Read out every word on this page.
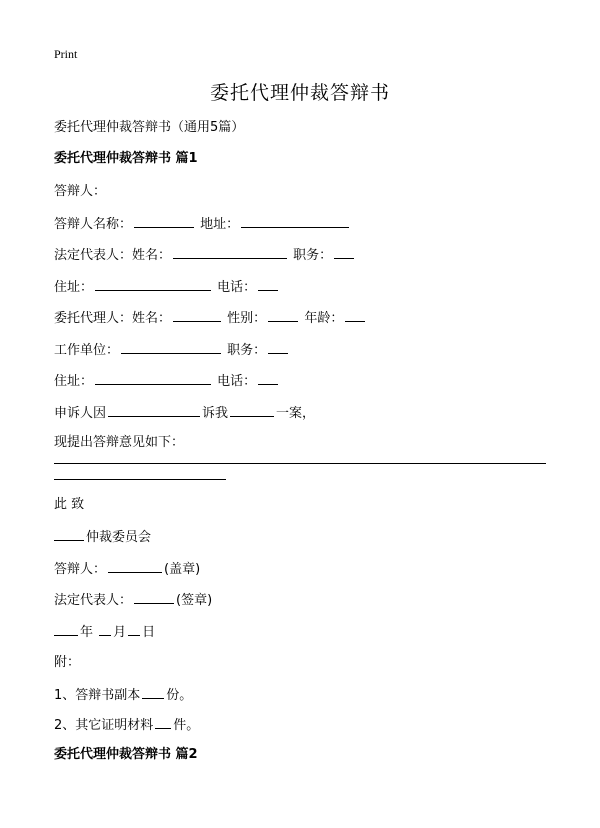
Print
委托代理仲裁答辩书
委托代理仲裁答辩书（通用5篇）
委托代理仲裁答辩书 篇1
答辩人：
答辩人名称：	地址：
法定代表人：姓名：	职务：
住址：	电话：
委托代理人：姓名：	性别：	年龄：
工作单位：	职务：
住址：	电话：
申诉人因	诉我	一案，
现提出答辩意见如下：
此 致
仲裁委员会
答辩人：	(盖章)
法定代表人：	(签章)
年 月 日
附：
1、答辩书副本 份。
2、其它证明材料 件。
委托代理仲裁答辩书 篇2
